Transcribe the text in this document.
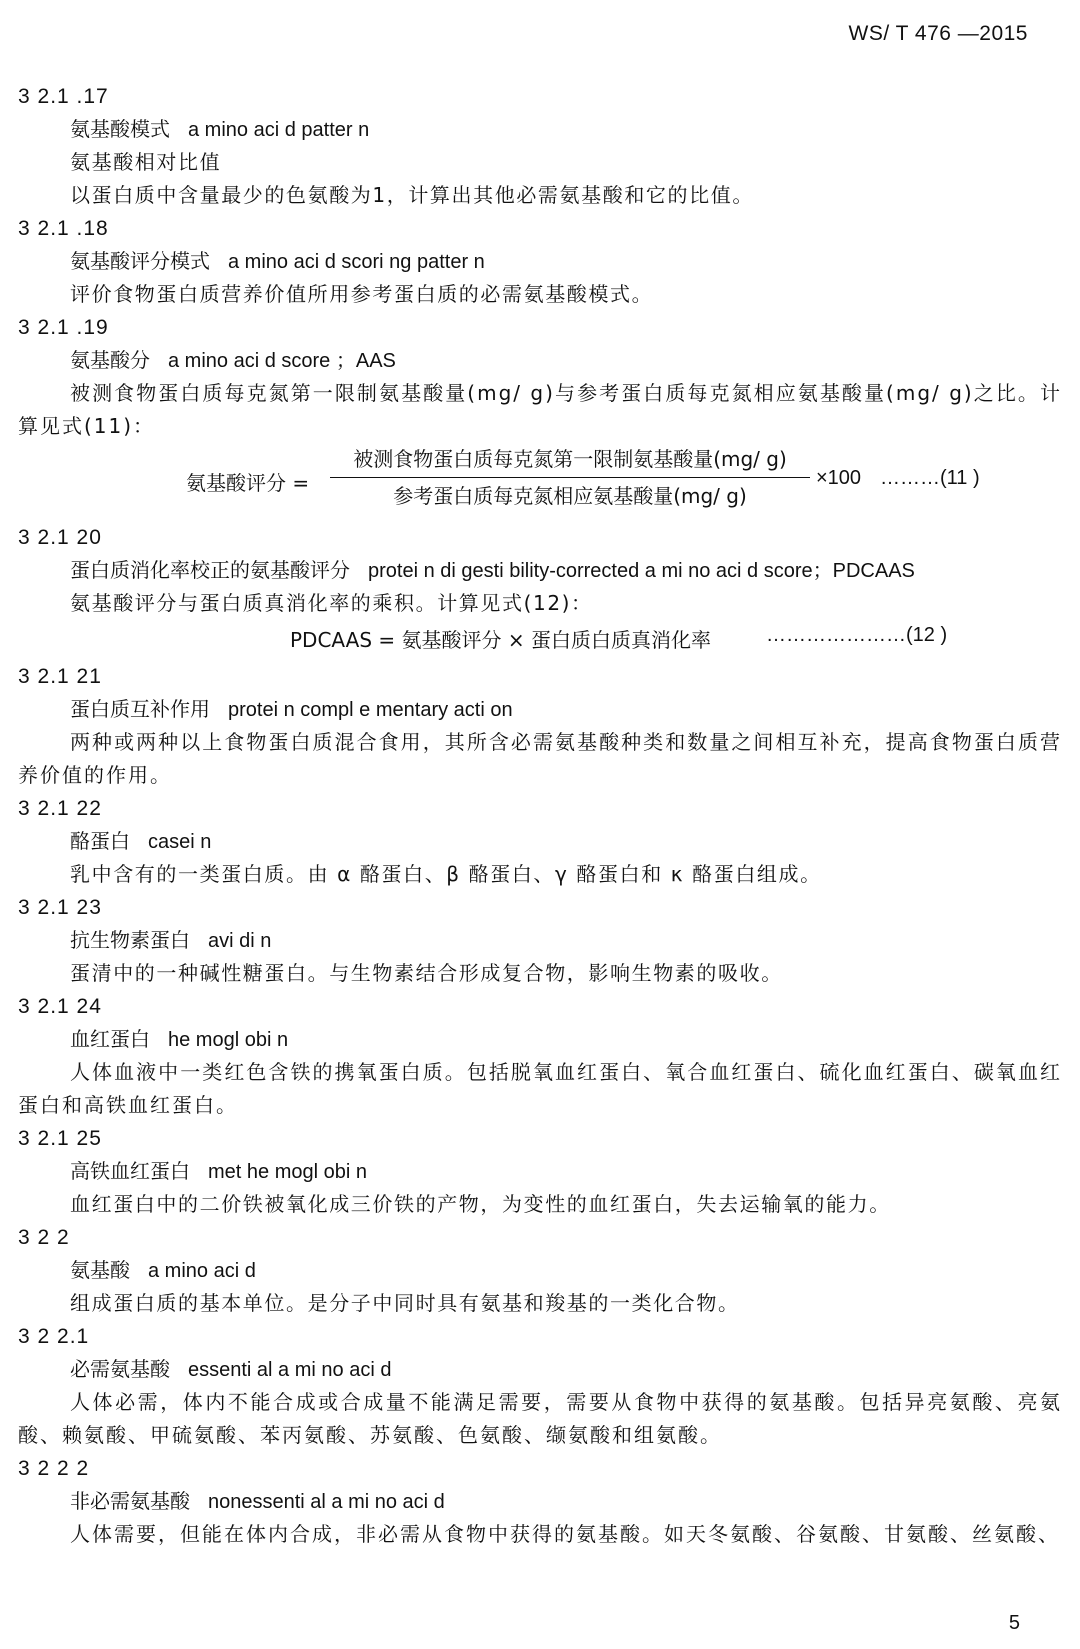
WS/ T 476 —2015
3 2.1 .17
氨基酸模式 a mino aci d patter n
氨基酸相对比值
以蛋白质中含量最少的色氨酸为1，计算出其他必需氨基酸和它的比值。
3 2.1 .18
氨基酸评分模式 a mino aci d scori ng patter n
评价食物蛋白质营养价值所用参考蛋白质的必需氨基酸模式。
3 2.1 .19
氨基酸分 a mino aci d score ；AAS
被测食物蛋白质每克氮第一限制氨基酸量(mg/ g)与参考蛋白质每克氮相应氨基酸量(mg/ g)之比。计算见式(11)：
氨基酸评分 =
被测食物蛋白质每克氮第一限制氨基酸量(mg/ g)
参考蛋白质每克氮相应氨基酸量(mg/ g)
×100 ………(11 )
3 2.1 20
蛋白质消化率校正的氨基酸评分 protei n di gesti bility-corrected a mi no aci d score；PDCAAS
氨基酸评分与蛋白质真消化率的乘积。计算见式(12)：
PDCAAS = 氨基酸评分 × 蛋白质白质真消化率	…………………(12 )
3 2.1 21
蛋白质互补作用 protei n compl e mentary acti on
两种或两种以上食物蛋白质混合食用，其所含必需氨基酸种类和数量之间相互补充，提高食物蛋白质营养价值的作用。
3 2.1 22
酪蛋白 casei n
乳中含有的一类蛋白质。由 α 酪蛋白、β 酪蛋白、γ 酪蛋白和 κ 酪蛋白组成。
3 2.1 23
抗生物素蛋白 avi di n
蛋清中的一种碱性糖蛋白。与生物素结合形成复合物，影响生物素的吸收。
3 2.1 24
血红蛋白 he mogl obi n
人体血液中一类红色含铁的携氧蛋白质。包括脱氧血红蛋白、氧合血红蛋白、硫化血红蛋白、碳氧血红蛋白和高铁血红蛋白。
3 2.1 25
高铁血红蛋白 met he mogl obi n
血红蛋白中的二价铁被氧化成三价铁的产物，为变性的血红蛋白，失去运输氧的能力。
3 2 2
氨基酸 a mino aci d
组成蛋白质的基本单位。是分子中同时具有氨基和羧基的一类化合物。
3 2 2.1
必需氨基酸 essenti al a mi no aci d
人体必需，体内不能合成或合成量不能满足需要，需要从食物中获得的氨基酸。包括异亮氨酸、亮氨酸、赖氨酸、甲硫氨酸、苯丙氨酸、苏氨酸、色氨酸、缬氨酸和组氨酸。
3 2 2 2
非必需氨基酸 nonessenti al a mi no aci d
人体需要，但能在体内合成，非必需从食物中获得的氨基酸。如天冬氨酸、谷氨酸、甘氨酸、丝氨酸、
5
